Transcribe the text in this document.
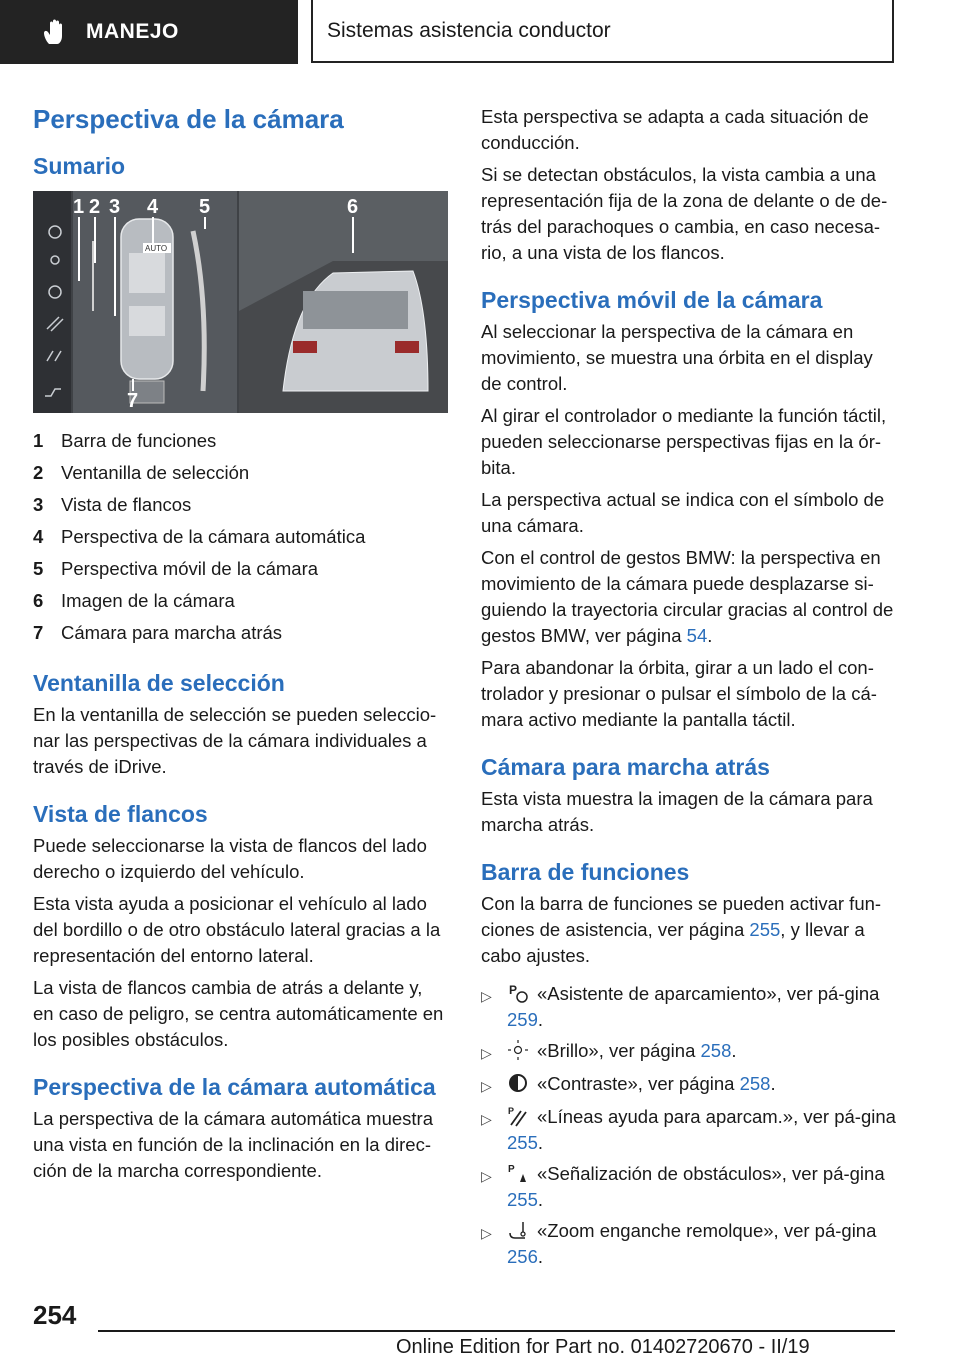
MANEJO	Sistemas asistencia conductor
Perspectiva de la cámara
Sumario
AUTO
1 2 3 4 5	6
7
1 Barra de funciones
2 Ventanilla de selección
3 Vista de flancos
4 Perspectiva de la cámara automática
5 Perspectiva móvil de la cámara
6 Imagen de la cámara
7 Cámara para marcha atrás
Ventanilla de selección

En la ventanilla de selección se pueden seleccio-nar las perspectivas de la cámara individuales a través de iDrive.

Vista de flancos

Puede seleccionarse la vista de flancos del lado derecho o izquierdo del vehículo.

Esta vista ayuda a posicionar el vehículo al lado del bordillo o de otro obstáculo lateral gracias a la representación del entorno lateral.

La vista de flancos cambia de atrás a delante y, en caso de peligro, se centra automáticamente en los posibles obstáculos.

Perspectiva de la cámara automática

La perspectiva de la cámara automática muestra una vista en función de la inclinación en la direc-ción de la marcha correspondiente.

Esta perspectiva se adapta a cada situación de conducción.

Si se detectan obstáculos, la vista cambia a una representación fija de la zona de delante o de de-trás del parachoques o cambia, en caso necesa-rio, a una vista de los flancos.

Perspectiva móvil de la cámara

Al seleccionar la perspectiva de la cámara en movimiento, se muestra una órbita en el display de control.

Al girar el controlador o mediante la función táctil, pueden seleccionarse perspectivas fijas en la ór-bita.

La perspectiva actual se indica con el símbolo de una cámara.

Con el control de gestos BMW: la perspectiva en movimiento de la cámara puede desplazarse si-guiendo la trayectoria circular gracias al control de gestos BMW, ver página 54.

Para abandonar la órbita, girar a un lado el con-trolador y presionar o pulsar el símbolo de la cá-mara activo mediante la pantalla táctil.

Cámara para marcha atrás

Esta vista muestra la imagen de la cámara para marcha atrás.

Barra de funciones

Con la barra de funciones se pueden activar fun-ciones de asistencia, ver página 255, y llevar a cabo ajustes.

▷	P «Asistente de aparcamiento», ver pá-gina 259.
▷	«Brillo», ver página 258.
▷	«Contraste», ver página 258.
▷	P «Líneas ayuda para aparcam.», ver pá-gina 255.
▷	P «Señalización de obstáculos», ver pá-gina 255.
▷	«Zoom enganche remolque», ver pá-gina 256.
254
Online Edition for Part no. 01402720670 - II/19
